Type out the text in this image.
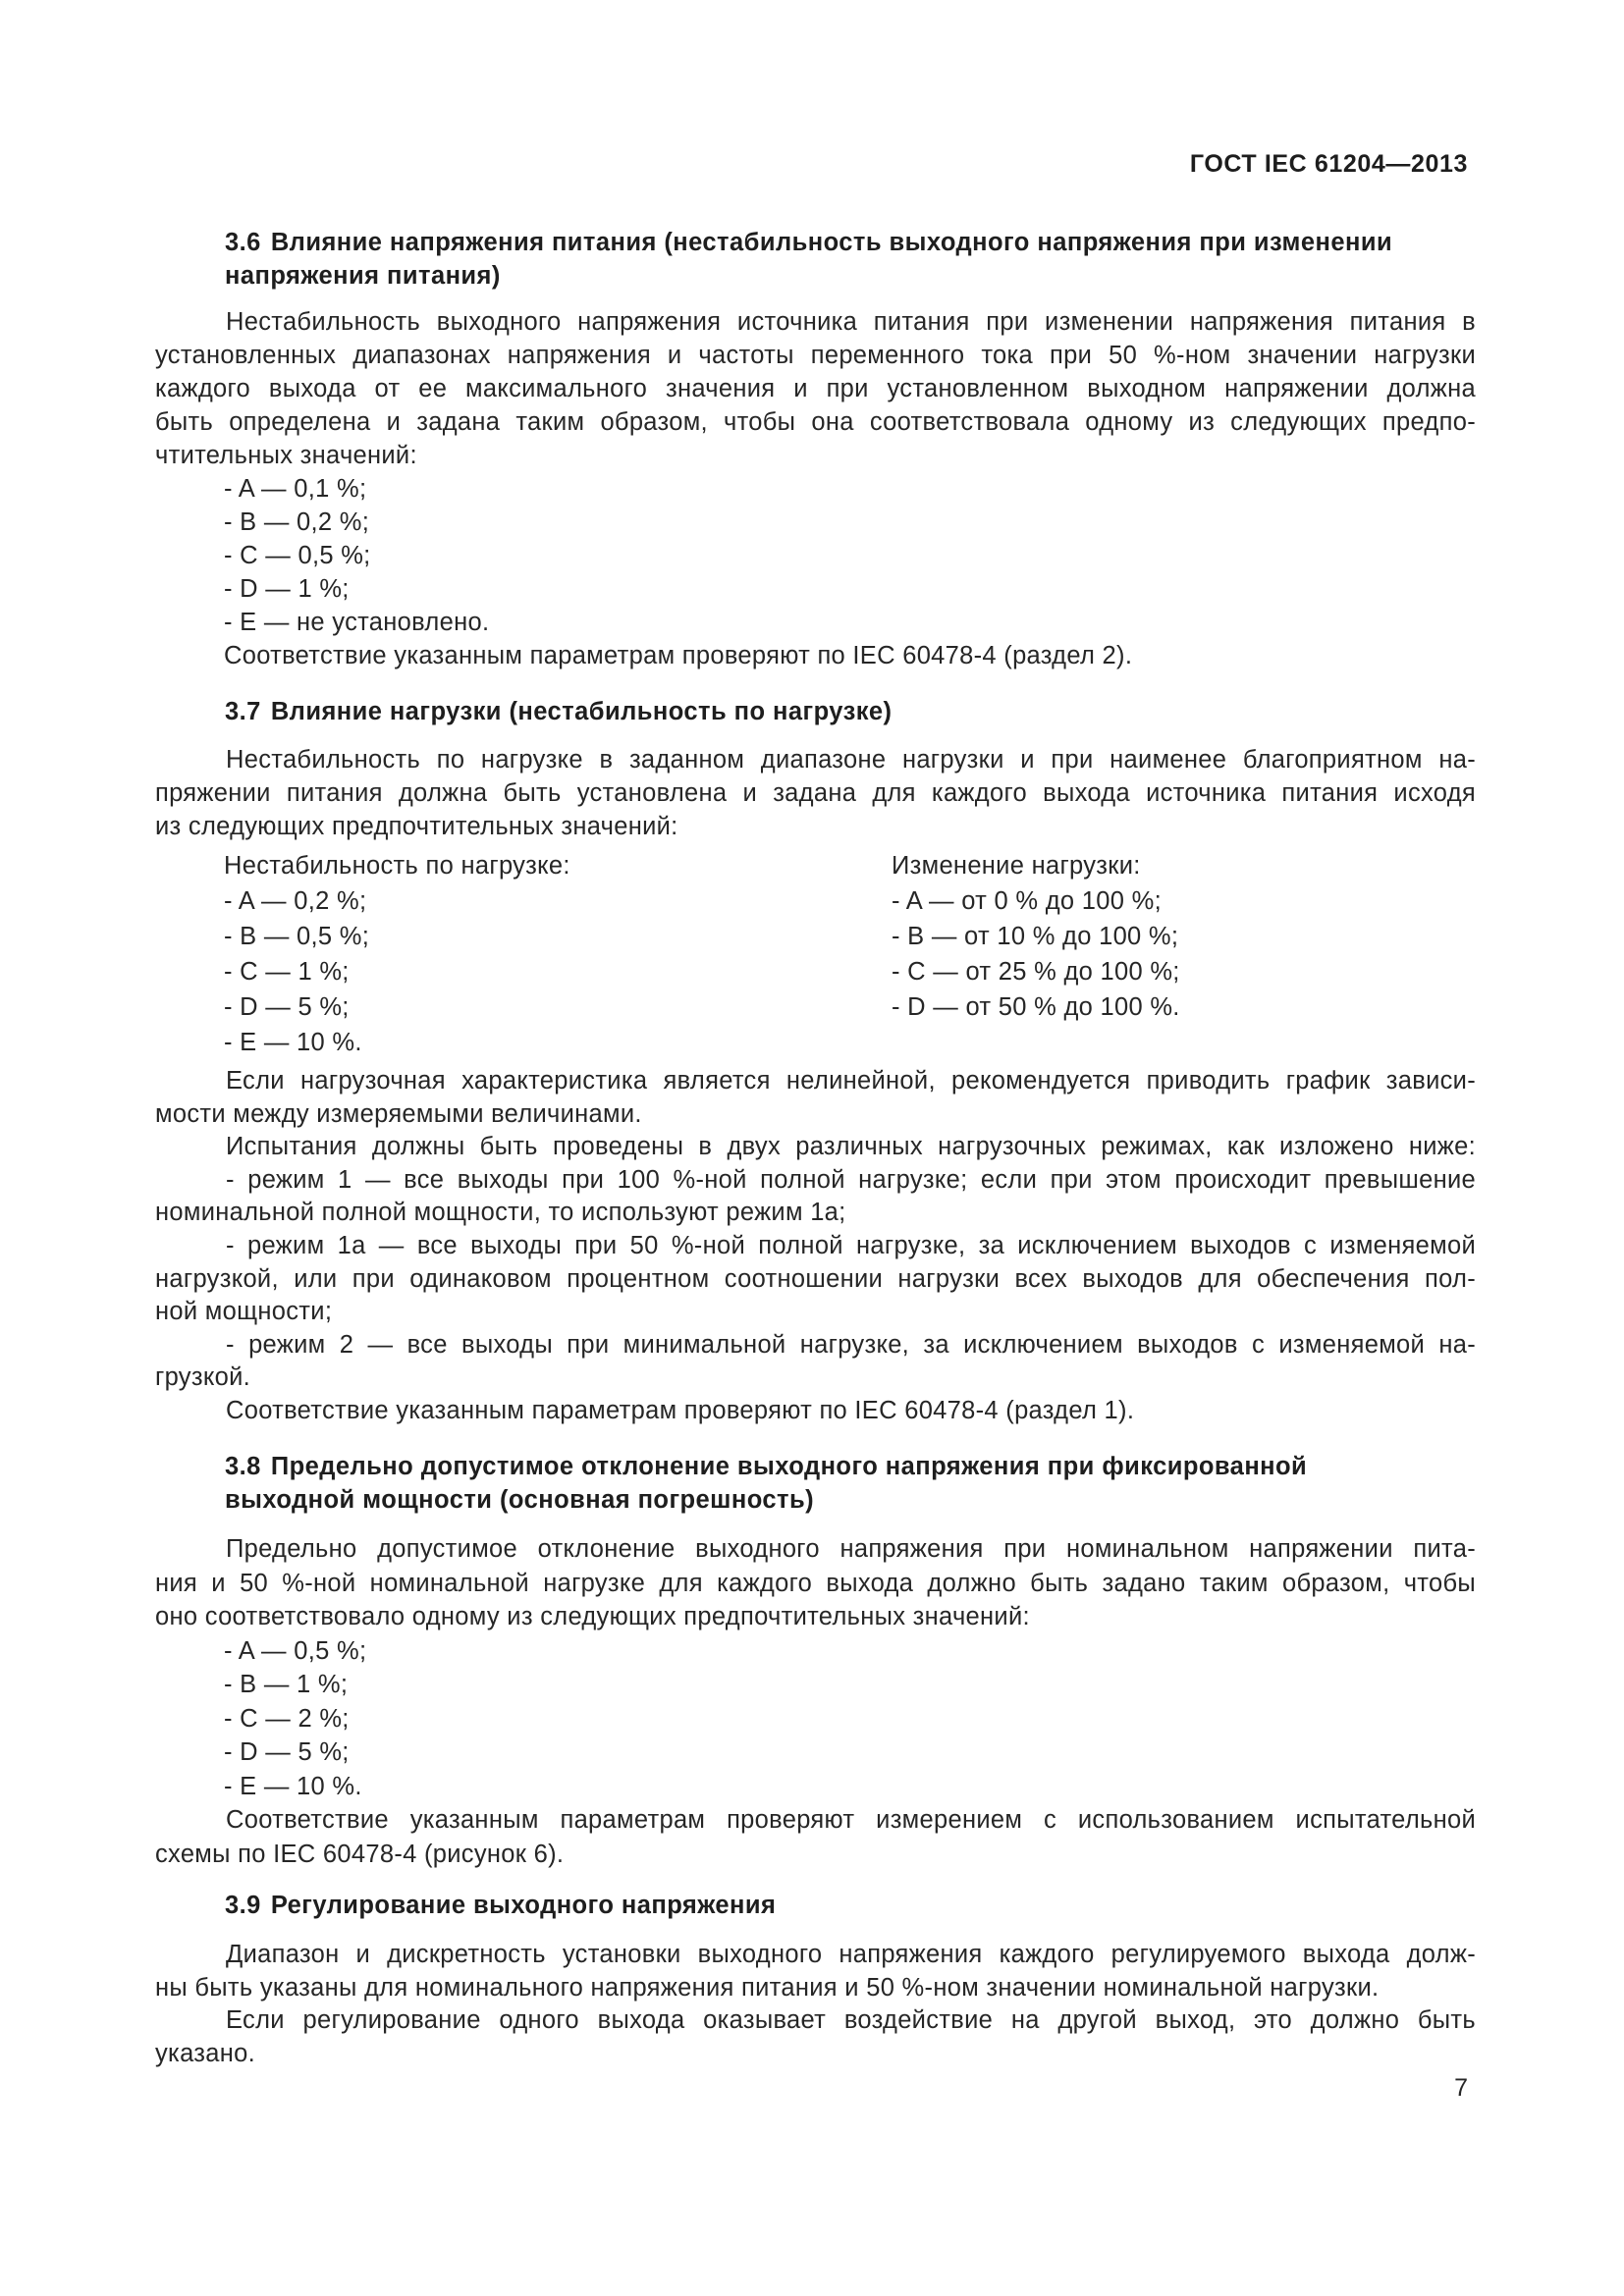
ГОСТ IEC 61204—2013
3.6 Влияние напряжения питания (нестабильность выходного напряжения при изменении
напряжения питания)
Нестабильность выходного напряжения источника питания при изменении напряжения питания в
установленных диапазонах напряжения и частоты переменного тока при 50 %-ном значении нагрузки
каждого выхода от ее максимального значения и при установленном выходном напряжении должна
быть определена и задана таким образом, чтобы она соответствовала одному из следующих предпо-
чтительных значений:
- A — 0,1 %;
- B — 0,2 %;
- C — 0,5 %;
- D — 1 %;
- E — не установлено.
Соответствие указанным параметрам проверяют по IEC 60478-4 (раздел 2).
3.7 Влияние нагрузки (нестабильность по нагрузке)
Нестабильность по нагрузке в заданном диапазоне нагрузки и при наименее благоприятном на-
пряжении питания должна быть установлена и задана для каждого выхода источника питания исходя
из следующих предпочтительных значений:
Нестабильность по нагрузке:
- A — 0,2 %;
- B — 0,5 %;
- C — 1 %;
- D — 5 %;
- E — 10 %.
Изменение нагрузки:
- A — от 0 % до 100 %;
- B — от 10 % до 100 %;
- C — от 25 % до 100 %;
- D — от 50 % до 100 %.
Если нагрузочная характеристика является нелинейной, рекомендуется приводить график зависи-
мости между измеряемыми величинами.
Испытания должны быть проведены в двух различных нагрузочных режимах, как изложено ниже:
- режим 1 — все выходы при 100 %-ной полной нагрузке; если при этом происходит превышение
номинальной полной мощности, то используют режим 1а;
- режим 1а — все выходы при 50 %-ной полной нагрузке, за исключением выходов с изменяемой
нагрузкой, или при одинаковом процентном соотношении нагрузки всех выходов для обеспечения пол-
ной мощности;
- режим 2 — все выходы при минимальной нагрузке, за исключением выходов с изменяемой на-
грузкой.
Соответствие указанным параметрам проверяют по IEC 60478-4 (раздел 1).
3.8 Предельно допустимое отклонение выходного напряжения при фиксированной
выходной мощности (основная погрешность)
Предельно допустимое отклонение выходного напряжения при номинальном напряжении пита-
ния и 50 %-ной номинальной нагрузке для каждого выхода должно быть задано таким образом, чтобы
оно соответствовало одному из следующих предпочтительных значений:
- A — 0,5 %;
- B — 1 %;
- C — 2 %;
- D — 5 %;
- E — 10 %.
Соответствие указанным параметрам проверяют измерением с использованием испытательной
схемы по IEC 60478-4 (рисунок 6).
3.9 Регулирование выходного напряжения
Диапазон и дискретность установки выходного напряжения каждого регулируемого выхода долж-
ны быть указаны для номинального напряжения питания и 50 %-ном значении номинальной нагрузки.
Если регулирование одного выхода оказывает воздействие на другой выход, это должно быть
указано.
7
